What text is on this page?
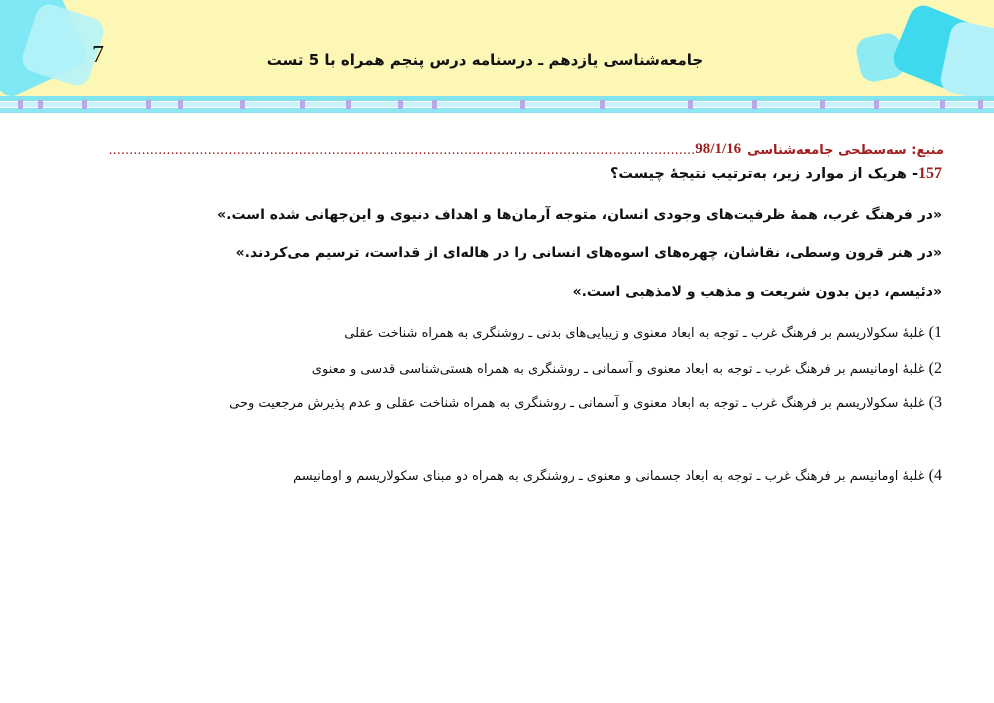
7	جامعه‌شناسی یازدهم ـ درسنامه درس پنجم همراه با 5 تست
منبع: سه‌سطحی جامعه‌شناسی
98/1/16
..............................................................................................................................................
157- هریک از موارد زیر، به‌ترتیب نتیجهٔ چیست؟
«در فرهنگ غرب، همهٔ ظرفیت‌های وجودی انسان، متوجه آرمان‌ها و اهداف دنیوی و این‌جهانی شده است.»
«در هنر قرون وسطی، نقاشان، چهره‌های اسوه‌های انسانی را در هاله‌ای از قداست، ترسیم می‌کردند.»
«دئیسم، دین بدون شریعت و مذهب و لامذهبی است.»
1) غلبهٔ سکولاریسم بر فرهنگ غرب ـ توجه به ابعاد معنوی و زیبایی‌های بدنی ـ روشنگری به همراه شناخت عقلی
2) غلبهٔ اومانیسم بر فرهنگ غرب ـ توجه به ابعاد معنوی و آسمانی ـ روشنگری به همراه هستی‌شناسی قدسی و معنوی
3) غلبهٔ سکولاریسم بر فرهنگ غرب ـ توجه به ابعاد معنوی و آسمانی ـ روشنگری به همراه شناخت عقلی و عدم پذیرش مرجعیت وحی
4) غلبهٔ اومانیسم بر فرهنگ غرب ـ توجه به ابعاد جسمانی و معنوی ـ روشنگری به همراه دو مبنای سکولاریسم و اومانیسم
